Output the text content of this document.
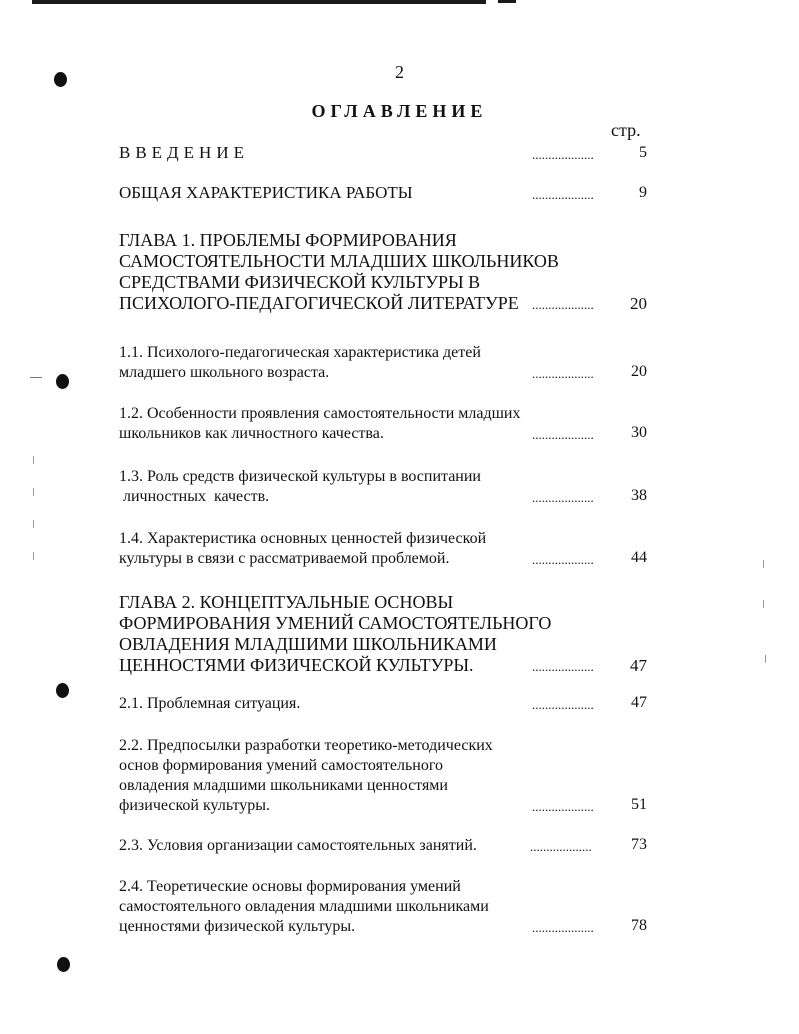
2
ОГЛАВЛЕНИЕ
стр.
ВВЕДЕНИЕ	...................	5
ОБЩАЯ ХАРАКТЕРИСТИКА РАБОТЫ	...................	9
ГЛАВА 1. ПРОБЛЕМЫ ФОРМИРОВАНИЯ
САМОСТОЯТЕЛЬНОСТИ МЛАДШИХ ШКОЛЬНИКОВ
СРЕДСТВАМИ ФИЗИЧЕСКОЙ КУЛЬТУРЫ В
ПСИХОЛОГО-ПЕДАГОГИЧЕСКОЙ ЛИТЕРАТУРЕ	...................	20
1.1. Психолого-педагогическая характеристика детей
младшего школьного возраста.	...................	20
1.2. Особенности проявления самостоятельности младших
школьников как личностного качества.	...................	30
1.3. Роль средств физической культуры в воспитании
личностных  качеств.	...................	38
1.4. Характеристика основных ценностей физической
культуры в связи с рассматриваемой проблемой.	...................	44
ГЛАВА 2. КОНЦЕПТУАЛЬНЫЕ ОСНОВЫ
ФОРМИРОВАНИЯ УМЕНИЙ САМОСТОЯТЕЛЬНОГО
ОВЛАДЕНИЯ МЛАДШИМИ ШКОЛЬНИКАМИ
ЦЕННОСТЯМИ ФИЗИЧЕСКОЙ КУЛЬТУРЫ.	...................	47
2.1. Проблемная ситуация.	...................	47
2.2. Предпосылки разработки теоретико-методических
основ формирования умений самостоятельного
овладения младшими школьниками ценностями
физической культуры.	...................	51
2.3. Условия организации самостоятельных занятий.	...................	73
2.4. Теоретические основы формирования умений
самостоятельного овладения младшими школьниками
ценностями физической культуры.	...................	78
